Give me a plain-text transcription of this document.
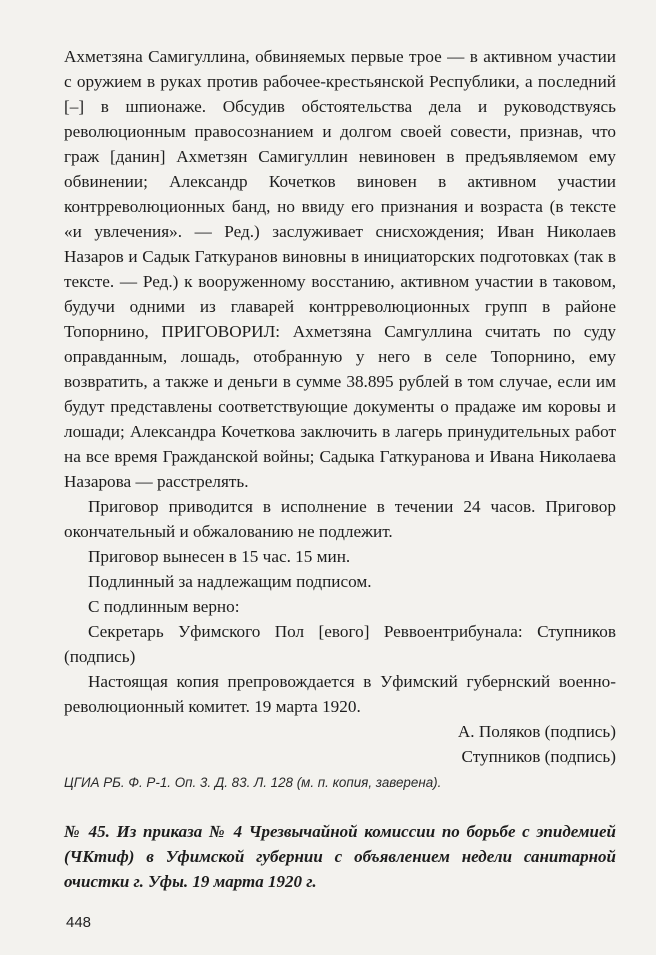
Ахметзяна Самигуллина, обвиняемых первые трое — в активном участии с оружием в руках против рабочее-крестьянской Республики, а последний [–] в шпионаже. Обсудив обстоятельства дела и руководствуясь революционным правосознанием и долгом своей совести, признав, что граж [данин] Ахметзян Самигуллин невиновен в предъявляемом ему обвинении; Александр Кочетков виновен в активном участии контрреволюционных банд, но ввиду его признания и возраста (в тексте «и увлечения». — Ред.) заслуживает снисхождения; Иван Николаев Назаров и Садык Гаткуранов виновны в инициаторских подготовках (так в тексте. — Ред.) к вооруженному восстанию, активном участии в таковом, будучи одними из главарей контрреволюционных групп в районе Топорнино, ПРИГОВОРИЛ: Ахметзяна Самгуллина считать по суду оправданным, лошадь, отобранную у него в селе Топорнино, ему возвратить, а также и деньги в сумме 38.895 рублей в том случае, если им будут представлены соответствующие документы о прадаже им коровы и лошади; Александра Кочеткова заключить в лагерь принудительных работ на все время Гражданской войны; Садыка Гаткуранова и Ивана Николаева Назарова — расстрелять.

Приговор приводится в исполнение в течении 24 часов. Приговор окончательный и обжалованию не подлежит.

Приговор вынесен в 15 час. 15 мин.

Подлинный за надлежащим подписом.

С подлинным верно:

Секретарь Уфимского Пол [евого] Реввоентрибунала: Ступников (подпись)

Настоящая копия препровождается в Уфимский губернский военно-революционный комитет. 19 марта 1920.

А. Поляков (подпись)

Ступников (подпись)

ЦГИА РБ. Ф. Р-1. Оп. 3. Д. 83. Л. 128 (м. п. копия, заверена).
№ 45. Из приказа № 4 Чрезвычайной комиссии по борьбе с эпидемией (ЧКтиф) в Уфимской губернии с объявлением недели санитарной очистки г. Уфы. 19 марта 1920 г.
448
